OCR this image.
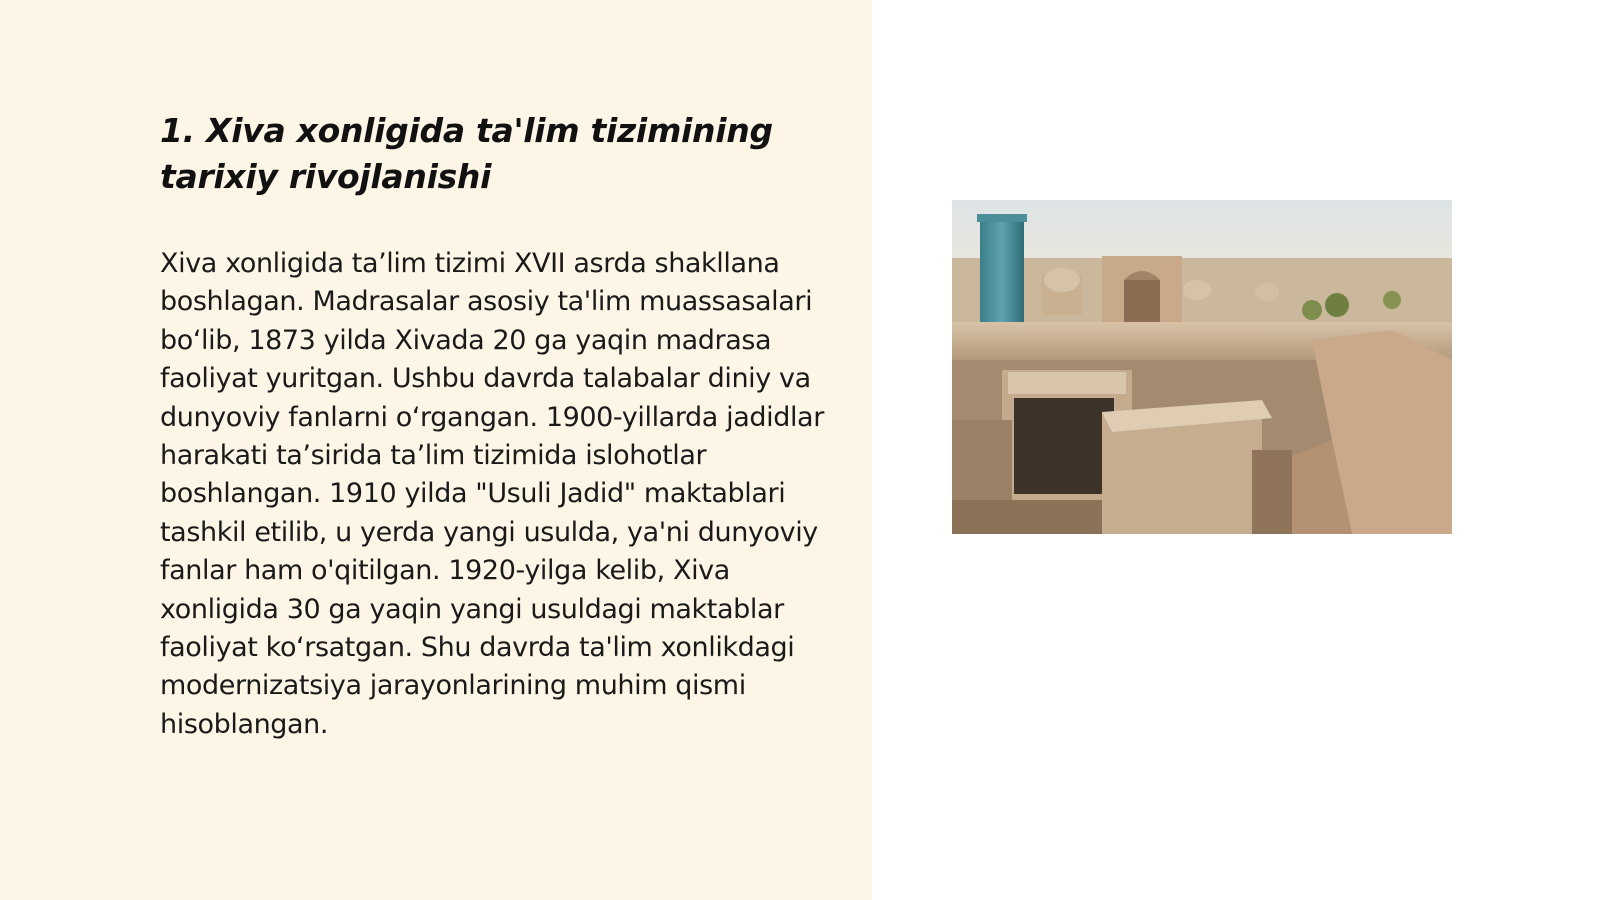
1. Xiva xonligida ta'lim tizimining tarixiy rivojlanishi

Xiva xonligida ta’lim tizimi XVII asrda shakllana boshlagan. Madrasalar asosiy ta'lim muassasalari bo‘lib, 1873 yilda Xivada 20 ga yaqin madrasa faoliyat yuritgan. Ushbu davrda talabalar diniy va dunyoviy fanlarni o‘rgangan. 1900-yillarda jadidlar harakati ta’sirida ta’lim tizimida islohotlar boshlangan. 1910 yilda "Usuli Jadid" maktablari tashkil etilib, u yerda yangi usulda, ya'ni dunyoviy fanlar ham o'qitilgan. 1920-yilga kelib, Xiva xonligida 30 ga yaqin yangi usuldagi maktablar faoliyat ko‘rsatgan. Shu davrda ta'lim xonlikdagi modernizatsiya jarayonlarining muhim qismi hisoblangan.
